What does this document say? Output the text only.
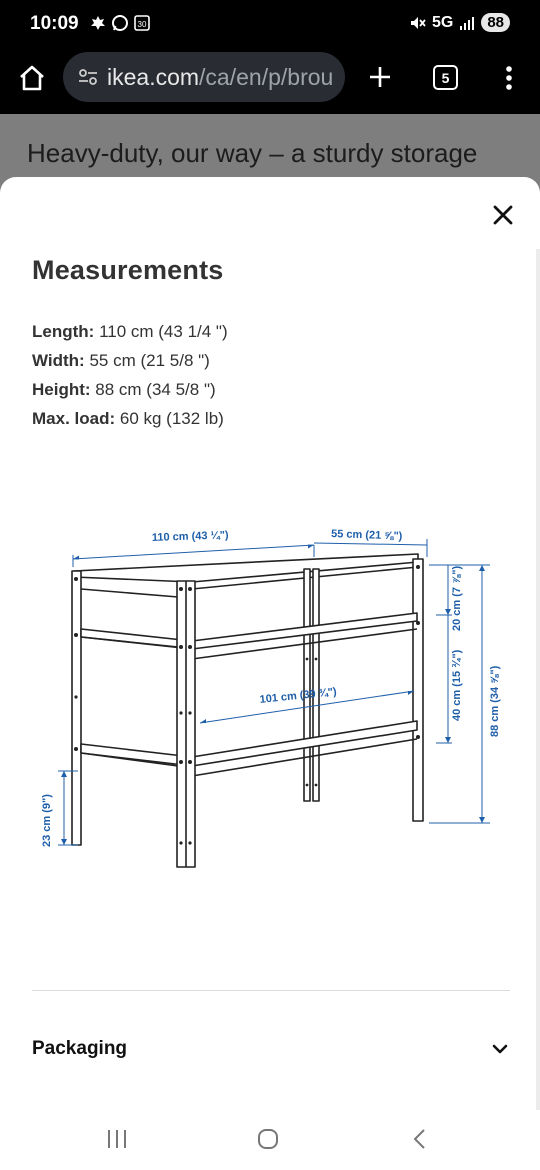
10:09	30	5G	88
ikea.com/ca/en/p/brou	5
Heavy-duty, our way – a sturdy storage
Measurements
Length: 110 cm (43 1/4 ")
Width: 55 cm (21 5/8 ")
Height: 88 cm (34 5/8 ")
Max. load: 60 kg (132 lb)
110 cm (43 ¼")	55 cm (21 ⅝")
20 cm (7 ⅞")
40 cm (15 ¾") 88 cm (34 ⅝")
101 cm (39 ¾")
23 cm (9")
Packaging
